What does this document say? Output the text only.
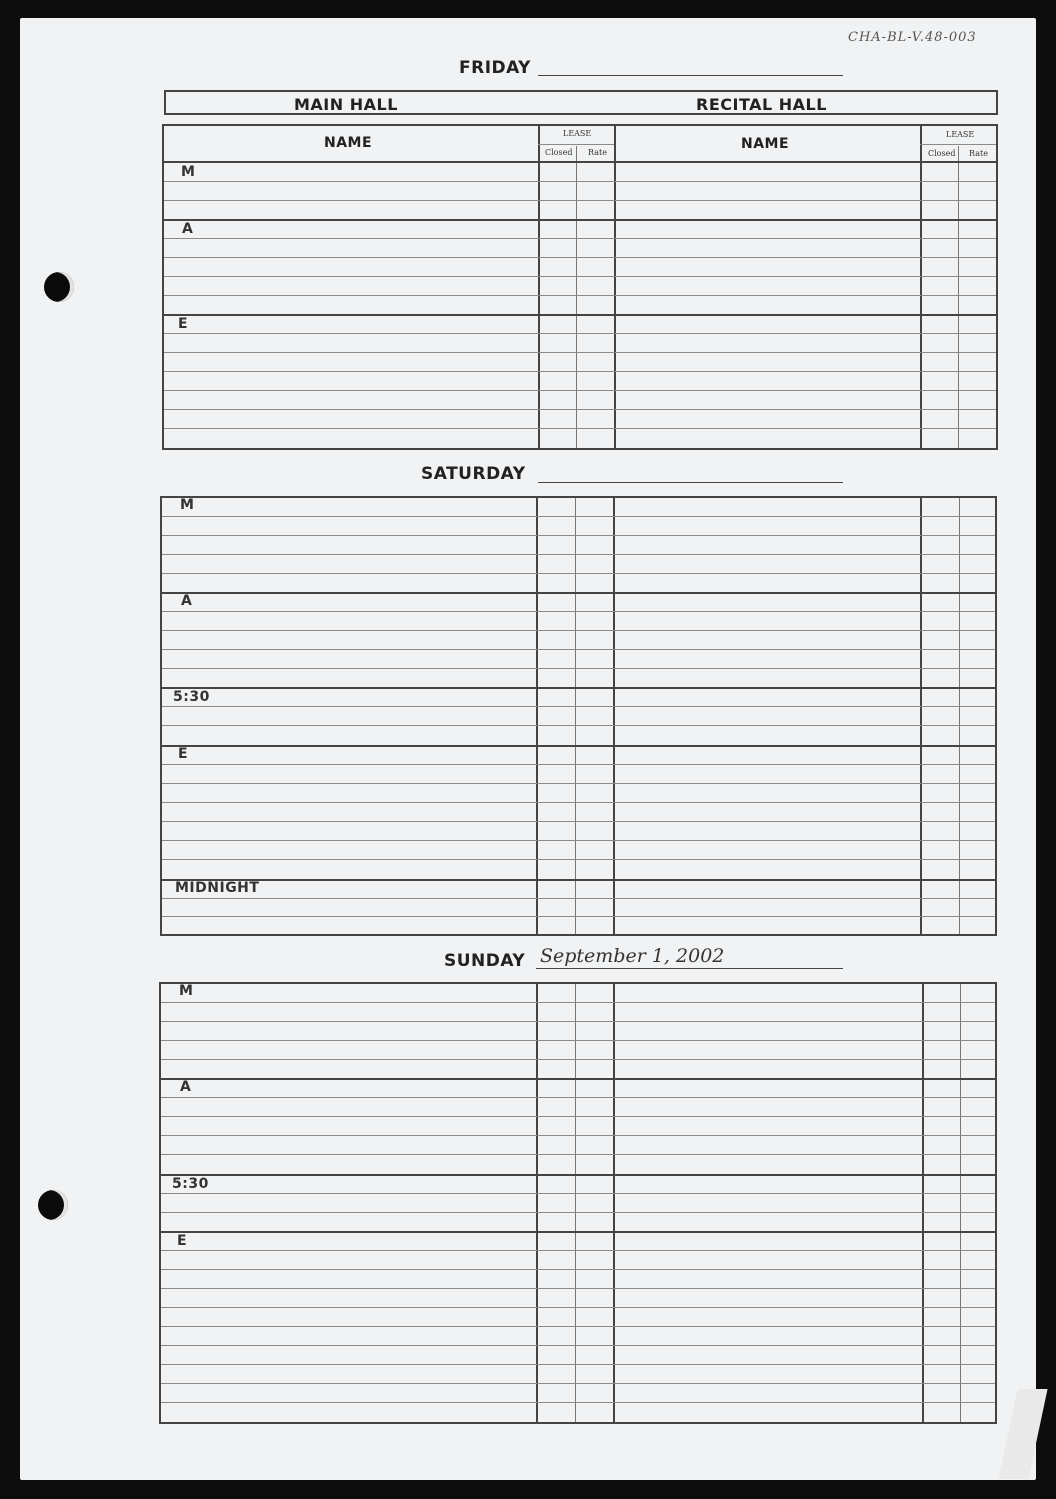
CHA-BL-V.48-003
FRIDAY
MAIN HALL	RECITAL HALL
NAME	NAME
LEASE
Closed Rate
LEASE
Closed Rate
M
A
E
SATURDAY
M
A
5:30
E
MIDNIGHT
SUNDAY September 1, 2002
M
A
5:30
E
